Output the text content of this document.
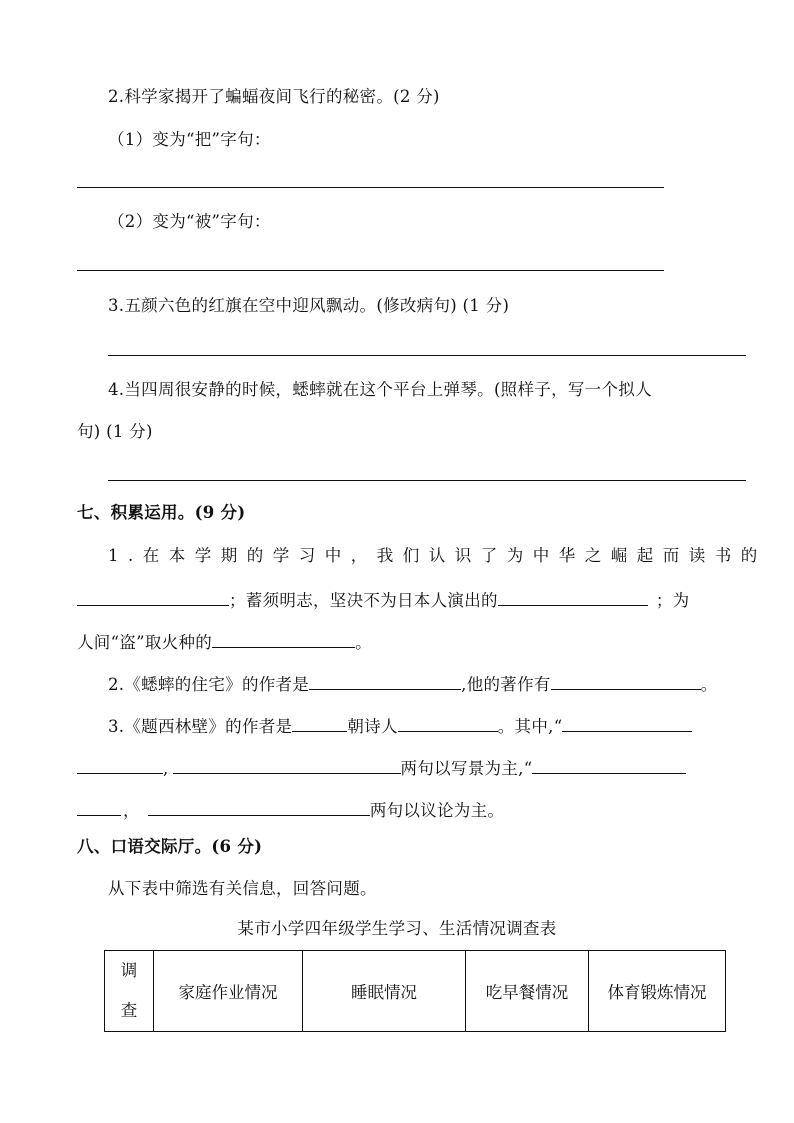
2.科学家揭开了蝙蝠夜间飞行的秘密。(2 分)
（1）变为“把”字句：
（2）变为“被”字句：
3.五颜六色的红旗在空中迎风飘动。(修改病句) (1 分)
4.当四周很安静的时候，蟋蟀就在这个平台上弹琴。(照样子，写一个拟人
句) (1 分)
七、积累运用。(9 分)
1.在本学期的学习中，我们认识了为中华之崛起而读书的
；蓄须明志，坚决不为日本人演出的	；为
人间“盗”取火种的	。
2.《蟋蟀的住宅》的作者是	,他的著作有	。
3.《题西林壁》的作者是	朝诗人	。其中,“
,	两句以写景为主,“
，	两句以议论为主。
八、口语交际厅。(6 分)
从下表中筛选有关信息，回答问题。
某市小学四年级学生学习、生活情况调查表
调
查
	家庭作业情况	睡眠情况	吃早餐情况	体育锻炼情况
